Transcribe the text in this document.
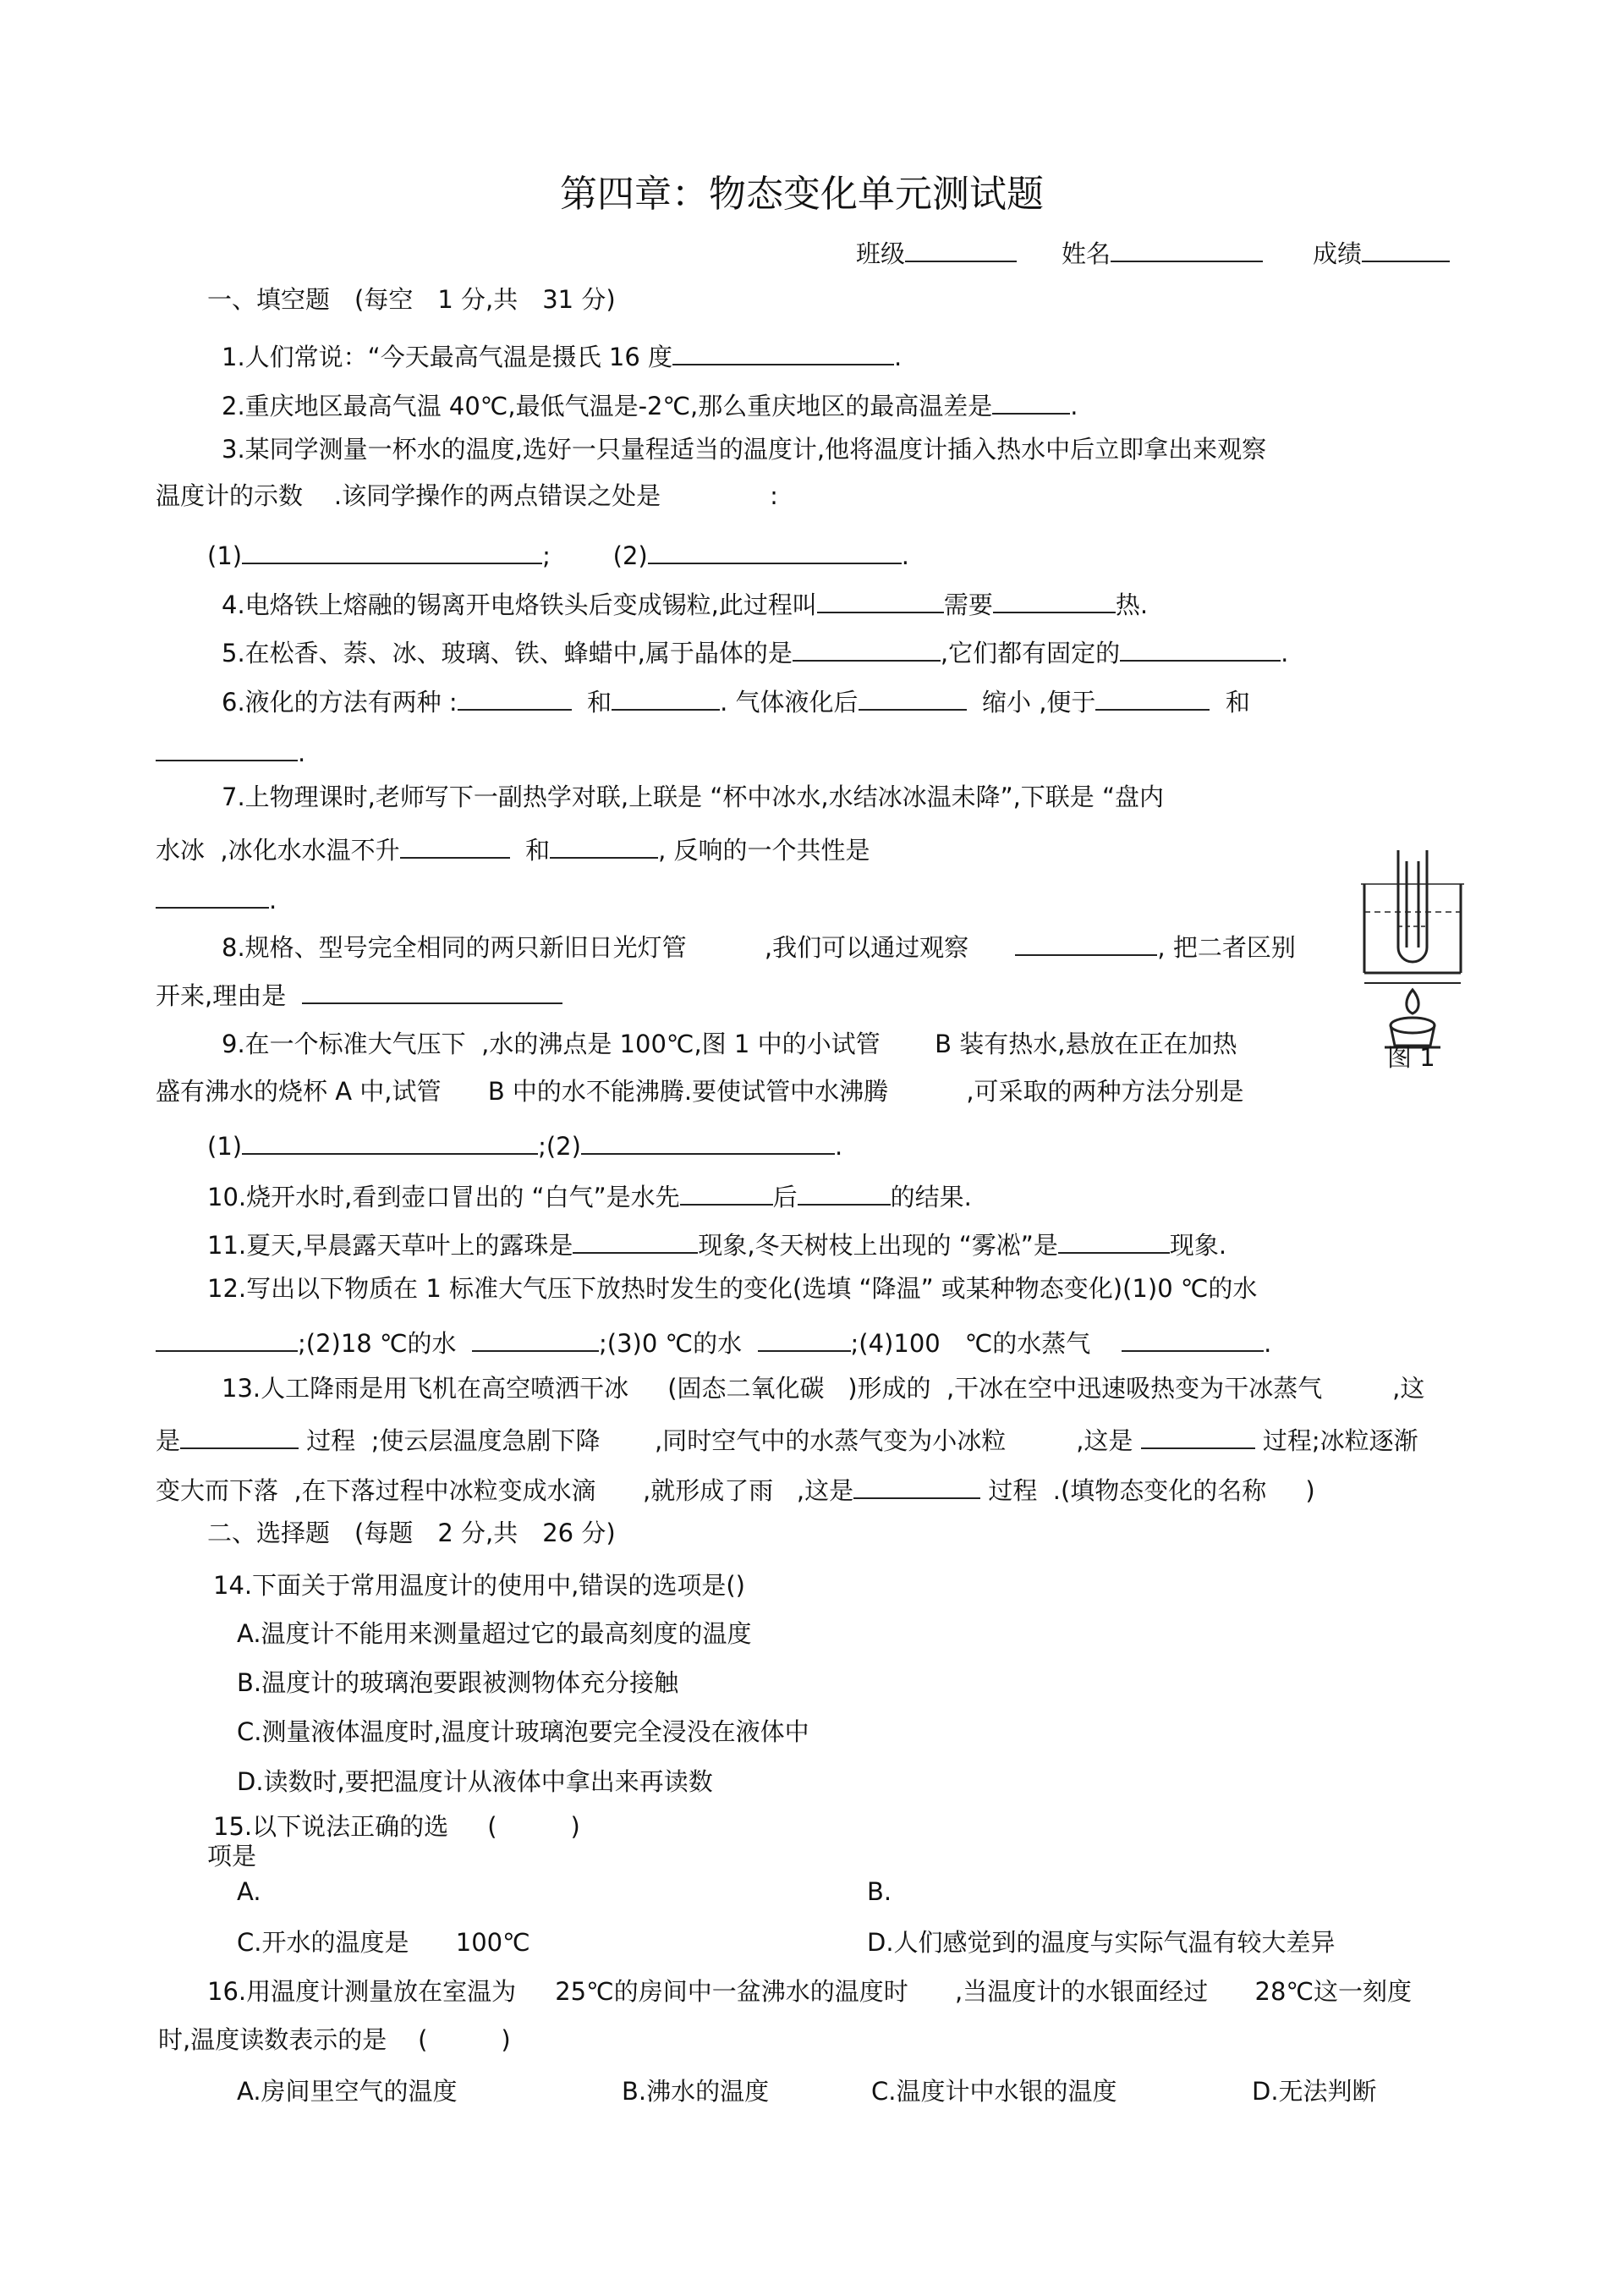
第四章：物态变化单元测试题
班级	姓名	成绩
一、填空题　(每空　1 分,共　31 分)
1.人们常说：“今天最高气温是摄氏 16 度	.
2.重庆地区最高气温 40℃,最低气温是-2℃,那么重庆地区的最高温差是	.
3.某同学测量一杯水的温度,选好一只量程适当的温度计,他将温度计插入热水中后立即拿出来观察
温度计的示数 .该同学操作的两点错误之处是              :
(1)	;        (2)	.
4.电烙铁上熔融的锡离开电烙铁头后变成锡粒,此过程叫	需要	热.
5.在松香、萘、冰、玻璃、铁、蜂蜡中,属于晶体的是	,它们都有固定的	.
6.液化的方法有两种 :	和	. 气体液化后	缩小 ,便于	和
.
7.上物理课时,老师写下一副热学对联,上联是 “杯中冰水,水结冰冰温未降”,下联是 “盘内
水冰  ,冰化水水温不升	和	, 反响的一个共性是
.
8.规格、型号完全相同的两只新旧日光灯管	,我们可以通过观察	, 把二者区别
开来,理由是
9.在一个标准大气压下 ,水的沸点是 100℃,图 1 中的小试管 B 装有热水,悬放在正在加热
盛有沸水的烧杯 A 中,试管 B 中的水不能沸腾.要使试管中水沸腾	,可采取的两种方法分别是
(1)	;(2)	.
图 1
10.烧开水时,看到壶口冒出的 “白气”是水先	后	的结果.
11.夏天,早晨露天草叶上的露珠是	现象,冬天树枝上出现的 “雾凇”是	现象.
12.写出以下物质在 1 标准大气压下放热时发生的变化(选填 “降温” 或某种物态变化)(1)0 ℃的水
;(2)18 ℃的水	;(3)0 ℃的水	;(4)100　℃的水蒸气	.
13.人工降雨是用飞机在高空喷洒干冰 (固态二氧化碳 )形成的 ,干冰在空中迅速吸热变为干冰蒸气	,这
是	过程 ;使云层温度急剧下降 ,同时空气中的水蒸气变为小冰粒	,这是	过程;冰粒逐渐
变大而下落 ,在下落过程中冰粒变成水滴 ,就形成了雨 ,这是	过程 .(填物态变化的名称 )
二、选择题　(每题　2 分,共　26 分)
14.下面关于常用温度计的使用中,错误的选项是()
A.温度计不能用来测量超过它的最高刻度的温度
B.温度计的玻璃泡要跟被测物体充分接触
C.测量液体温度时,温度计玻璃泡要完全浸没在液体中
D.读数时,要把温度计从液体中拿出来再读数
15.以下说法正确的选 (　　　)
项是
A.	B.
C.开水的温度是 100℃	D.人们感觉到的温度与实际气温有较大差异
16.用温度计测量放在室温为 25℃的房间中一盆沸水的温度时 ,当温度计的水银面经过 28℃这一刻度
时,温度读数表示的是 (　　　)
A.房间里空气的温度	B.沸水的温度	C.温度计中水银的温度	D.无法判断
